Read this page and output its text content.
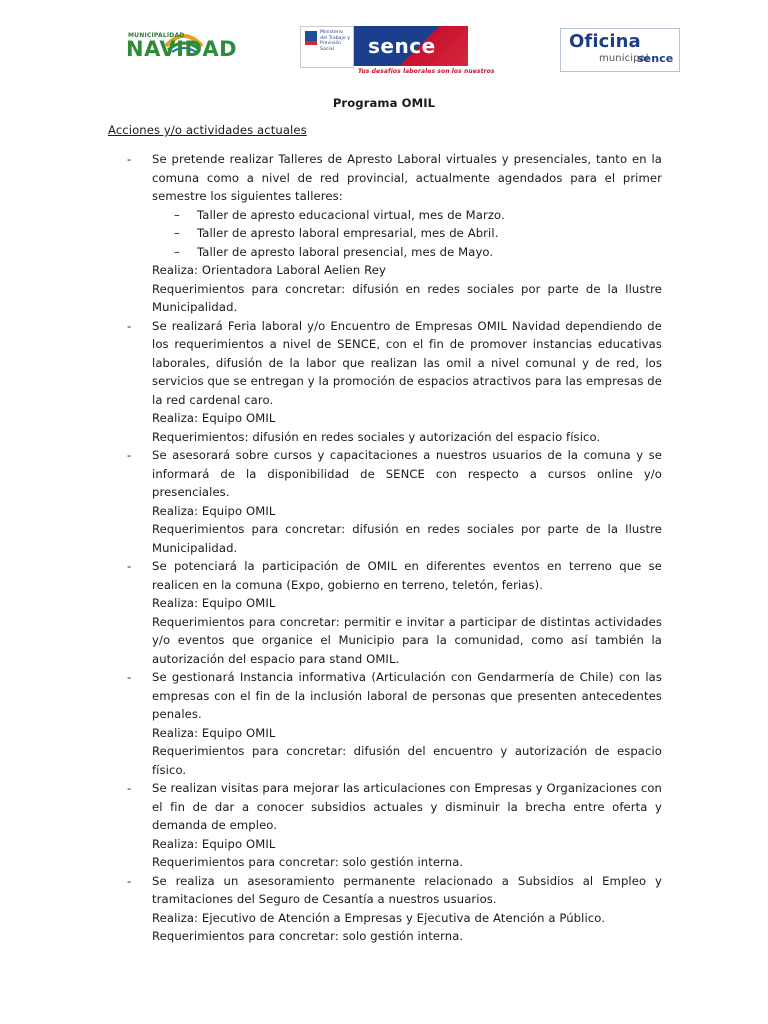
MUNICIPALIDAD
NAVIDAD
Ministerio del Trabajo y Previsión Social	sence
Tus desafíos laborales son los nuestros
Oficina
municipal
sence
Programa OMIL
Acciones y/o actividades actuales
- Se pretende realizar Talleres de Apresto Laboral virtuales y presenciales, tanto en la comuna como a nivel de red provincial, actualmente agendados para el primer semestre los siguientes talleres:
– Taller de apresto educacional virtual, mes de Marzo.
– Taller de apresto laboral empresarial, mes de Abril.
– Taller de apresto laboral presencial, mes de Mayo.
Realiza: Orientadora Laboral Aelien Rey
Requerimientos para concretar: difusión en redes sociales por parte de la Ilustre Municipalidad.
- Se realizará Feria laboral y/o Encuentro de Empresas OMIL Navidad dependiendo de los requerimientos a nivel de SENCE, con el fin de promover instancias educativas laborales, difusión de la labor que realizan las omil a nivel comunal y de red, los servicios que se entregan y la promoción de espacios atractivos para las empresas de la red cardenal caro.
Realiza: Equipo OMIL
Requerimientos: difusión en redes sociales y autorización del espacio físico.
- Se asesorará sobre cursos y capacitaciones a nuestros usuarios de la comuna y se informará de la disponibilidad de SENCE con respecto a cursos online y/o presenciales.
Realiza: Equipo OMIL
Requerimientos para concretar: difusión en redes sociales por parte de la Ilustre Municipalidad.
- Se potenciará la participación de OMIL en diferentes eventos en terreno que se realicen en la comuna (Expo, gobierno en terreno, teletón, ferias).
Realiza: Equipo OMIL
Requerimientos para concretar: permitir e invitar a participar de distintas actividades y/o eventos que organice el Municipio para la comunidad, como así también la autorización del espacio para stand OMIL.
- Se gestionará Instancia informativa (Articulación con Gendarmería de Chile) con las empresas con el fin de la inclusión laboral de personas que presenten antecedentes penales.
Realiza: Equipo OMIL
Requerimientos para concretar: difusión del encuentro y autorización de espacio físico.
- Se realizan visitas para mejorar las articulaciones con Empresas y Organizaciones con el fin de dar a conocer subsidios actuales y disminuir la brecha entre oferta y demanda de empleo.
Realiza: Equipo OMIL
Requerimientos para concretar: solo gestión interna.
- Se realiza un asesoramiento permanente relacionado a Subsidios al Empleo y tramitaciones del Seguro de Cesantía a nuestros usuarios.
Realiza: Ejecutivo de Atención a Empresas y Ejecutiva de Atención a Público.
Requerimientos para concretar: solo gestión interna.
